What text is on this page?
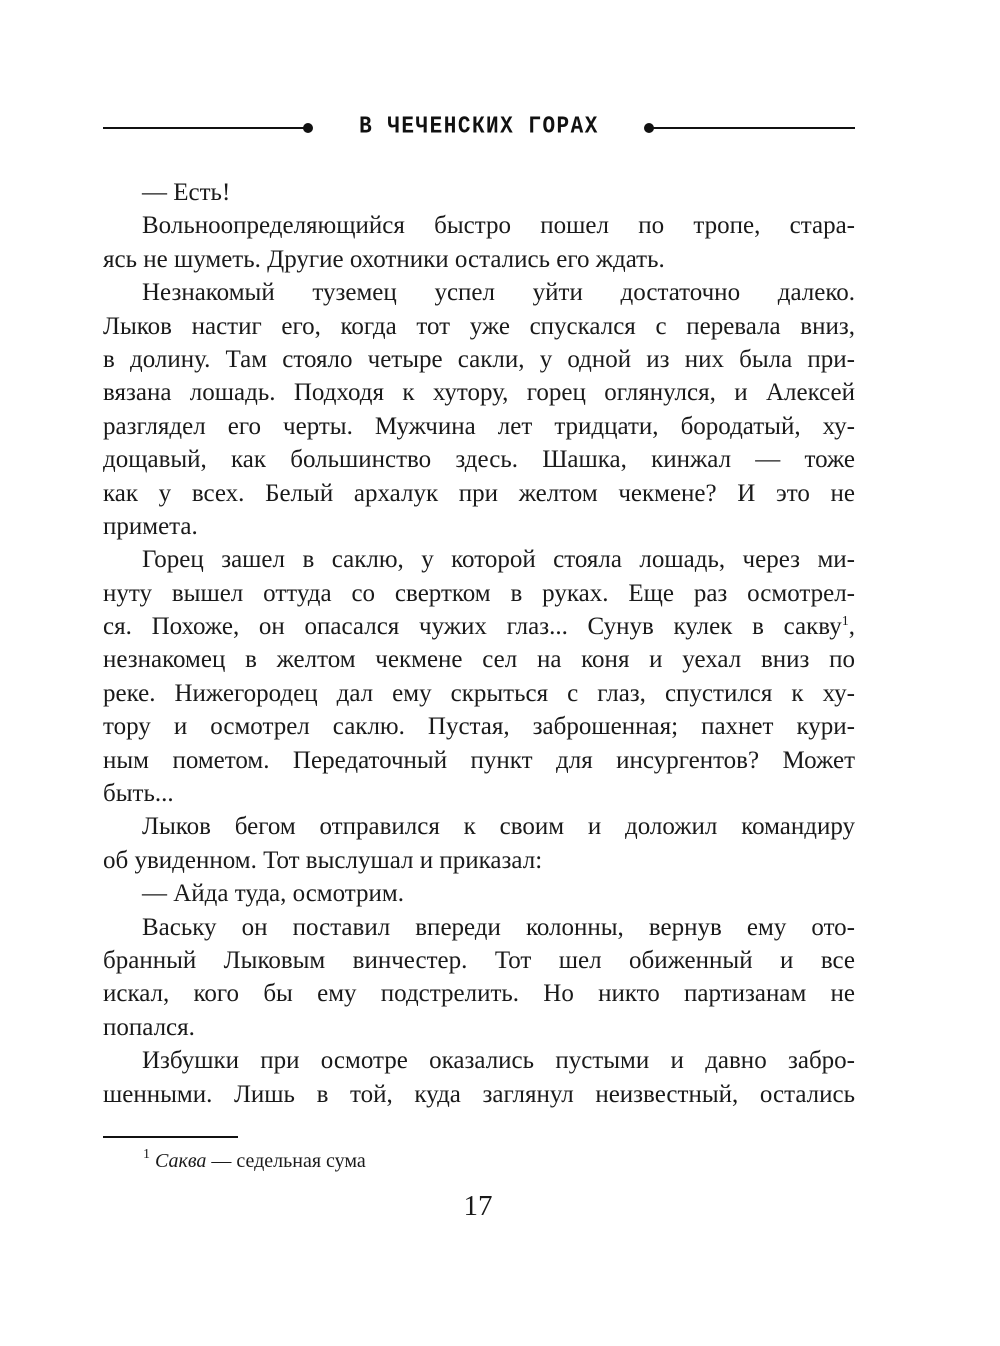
В ЧЕЧЕНСКИХ ГОРАХ
— Есть!
Вольноопределяющийся быстро пошел по тропе, стара-
ясь не шуметь. Другие охотники остались его ждать.
Незнакомый туземец успел уйти достаточно далеко.
Лыков настиг его, когда тот уже спускался с перевала вниз,
в долину. Там стояло четыре сакли, у одной из них была при-
вязана лошадь. Подходя к хутору, горец оглянулся, и Алексей
разглядел его черты. Мужчина лет тридцати, бородатый, ху-
дощавый, как большинство здесь. Шашка, кинжал — тоже
как у всех. Белый архалук при желтом чекмене? И это не
примета.
Горец зашел в саклю, у которой стояла лошадь, через ми-
нуту вышел оттуда со свертком в руках. Еще раз осмотрел-
ся. Похоже, он опасался чужих глаз... Сунув кулек в сакву$^1$,
незнакомец в желтом чекмене сел на коня и уехал вниз по
реке. Нижегородец дал ему скрыться с глаз, спустился к ху-
тору и осмотрел саклю. Пустая, заброшенная; пахнет кури-
ным пометом. Передаточный пункт для инсургентов? Может
быть...
Лыков бегом отправился к своим и доложил командиру
об увиденном. Тот выслушал и приказал:
— Айда туда, осмотрим.
Ваську он поставил впереди колонны, вернув ему ото-
бранный Лыковым винчестер. Тот шел обиженный и все
искал, кого бы ему подстрелить. Но никто партизанам не
попался.
Избушки при осмотре оказались пустыми и давно забро-
шенными. Лишь в той, куда заглянул неизвестный, остались
$^1$ Саква — седельная сума
17
